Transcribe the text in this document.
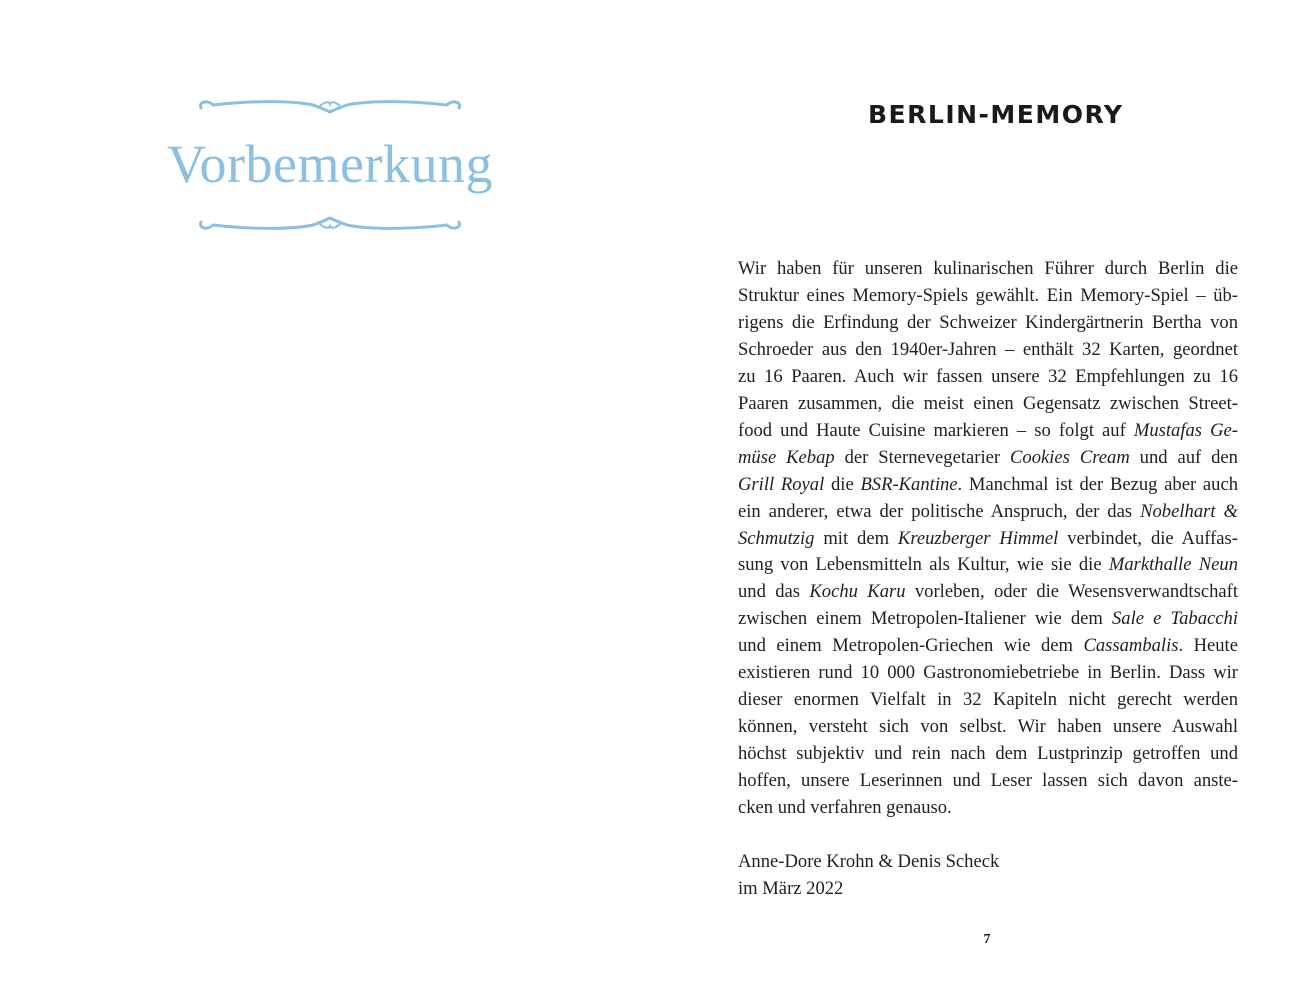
Vorbemerkung
BERLIN-MEMORY
Wir haben für unseren kulinarischen Führer durch Berlin die
Struktur eines Memory-Spiels gewählt. Ein Memory-Spiel – üb-
rigens die Erfindung der Schweizer Kindergärtnerin Bertha von
Schroeder aus den 1940er-Jahren – enthält 32 Karten, geordnet
zu 16 Paaren. Auch wir fassen unsere 32 Empfehlungen zu 16
Paaren zusammen, die meist einen Gegensatz zwischen Street-
food und Haute Cuisine markieren – so folgt auf Mustafas Ge-
müse Kebap der Sternevegetarier Cookies Cream und auf den
Grill Royal die BSR-Kantine. Manchmal ist der Bezug aber auch
ein anderer, etwa der politische Anspruch, der das Nobelhart &
Schmutzig mit dem Kreuzberger Himmel verbindet, die Auffas-
sung von Lebensmitteln als Kultur, wie sie die Markthalle Neun
und das Kochu Karu vorleben, oder die Wesensverwandtschaft
zwischen einem Metropolen-Italiener wie dem Sale e Tabacchi
und einem Metropolen-Griechen wie dem Cassambalis. Heute
existieren rund 10 000 Gastronomiebetriebe in Berlin. Dass wir
dieser enormen Vielfalt in 32 Kapiteln nicht gerecht werden
können, versteht sich von selbst. Wir haben unsere Auswahl
höchst subjektiv und rein nach dem Lustprinzip getroffen und
hoffen, unsere Leserinnen und Leser lassen sich davon anste-
cken und verfahren genauso.
Anne-Dore Krohn & Denis Scheck
im März 2022
7
